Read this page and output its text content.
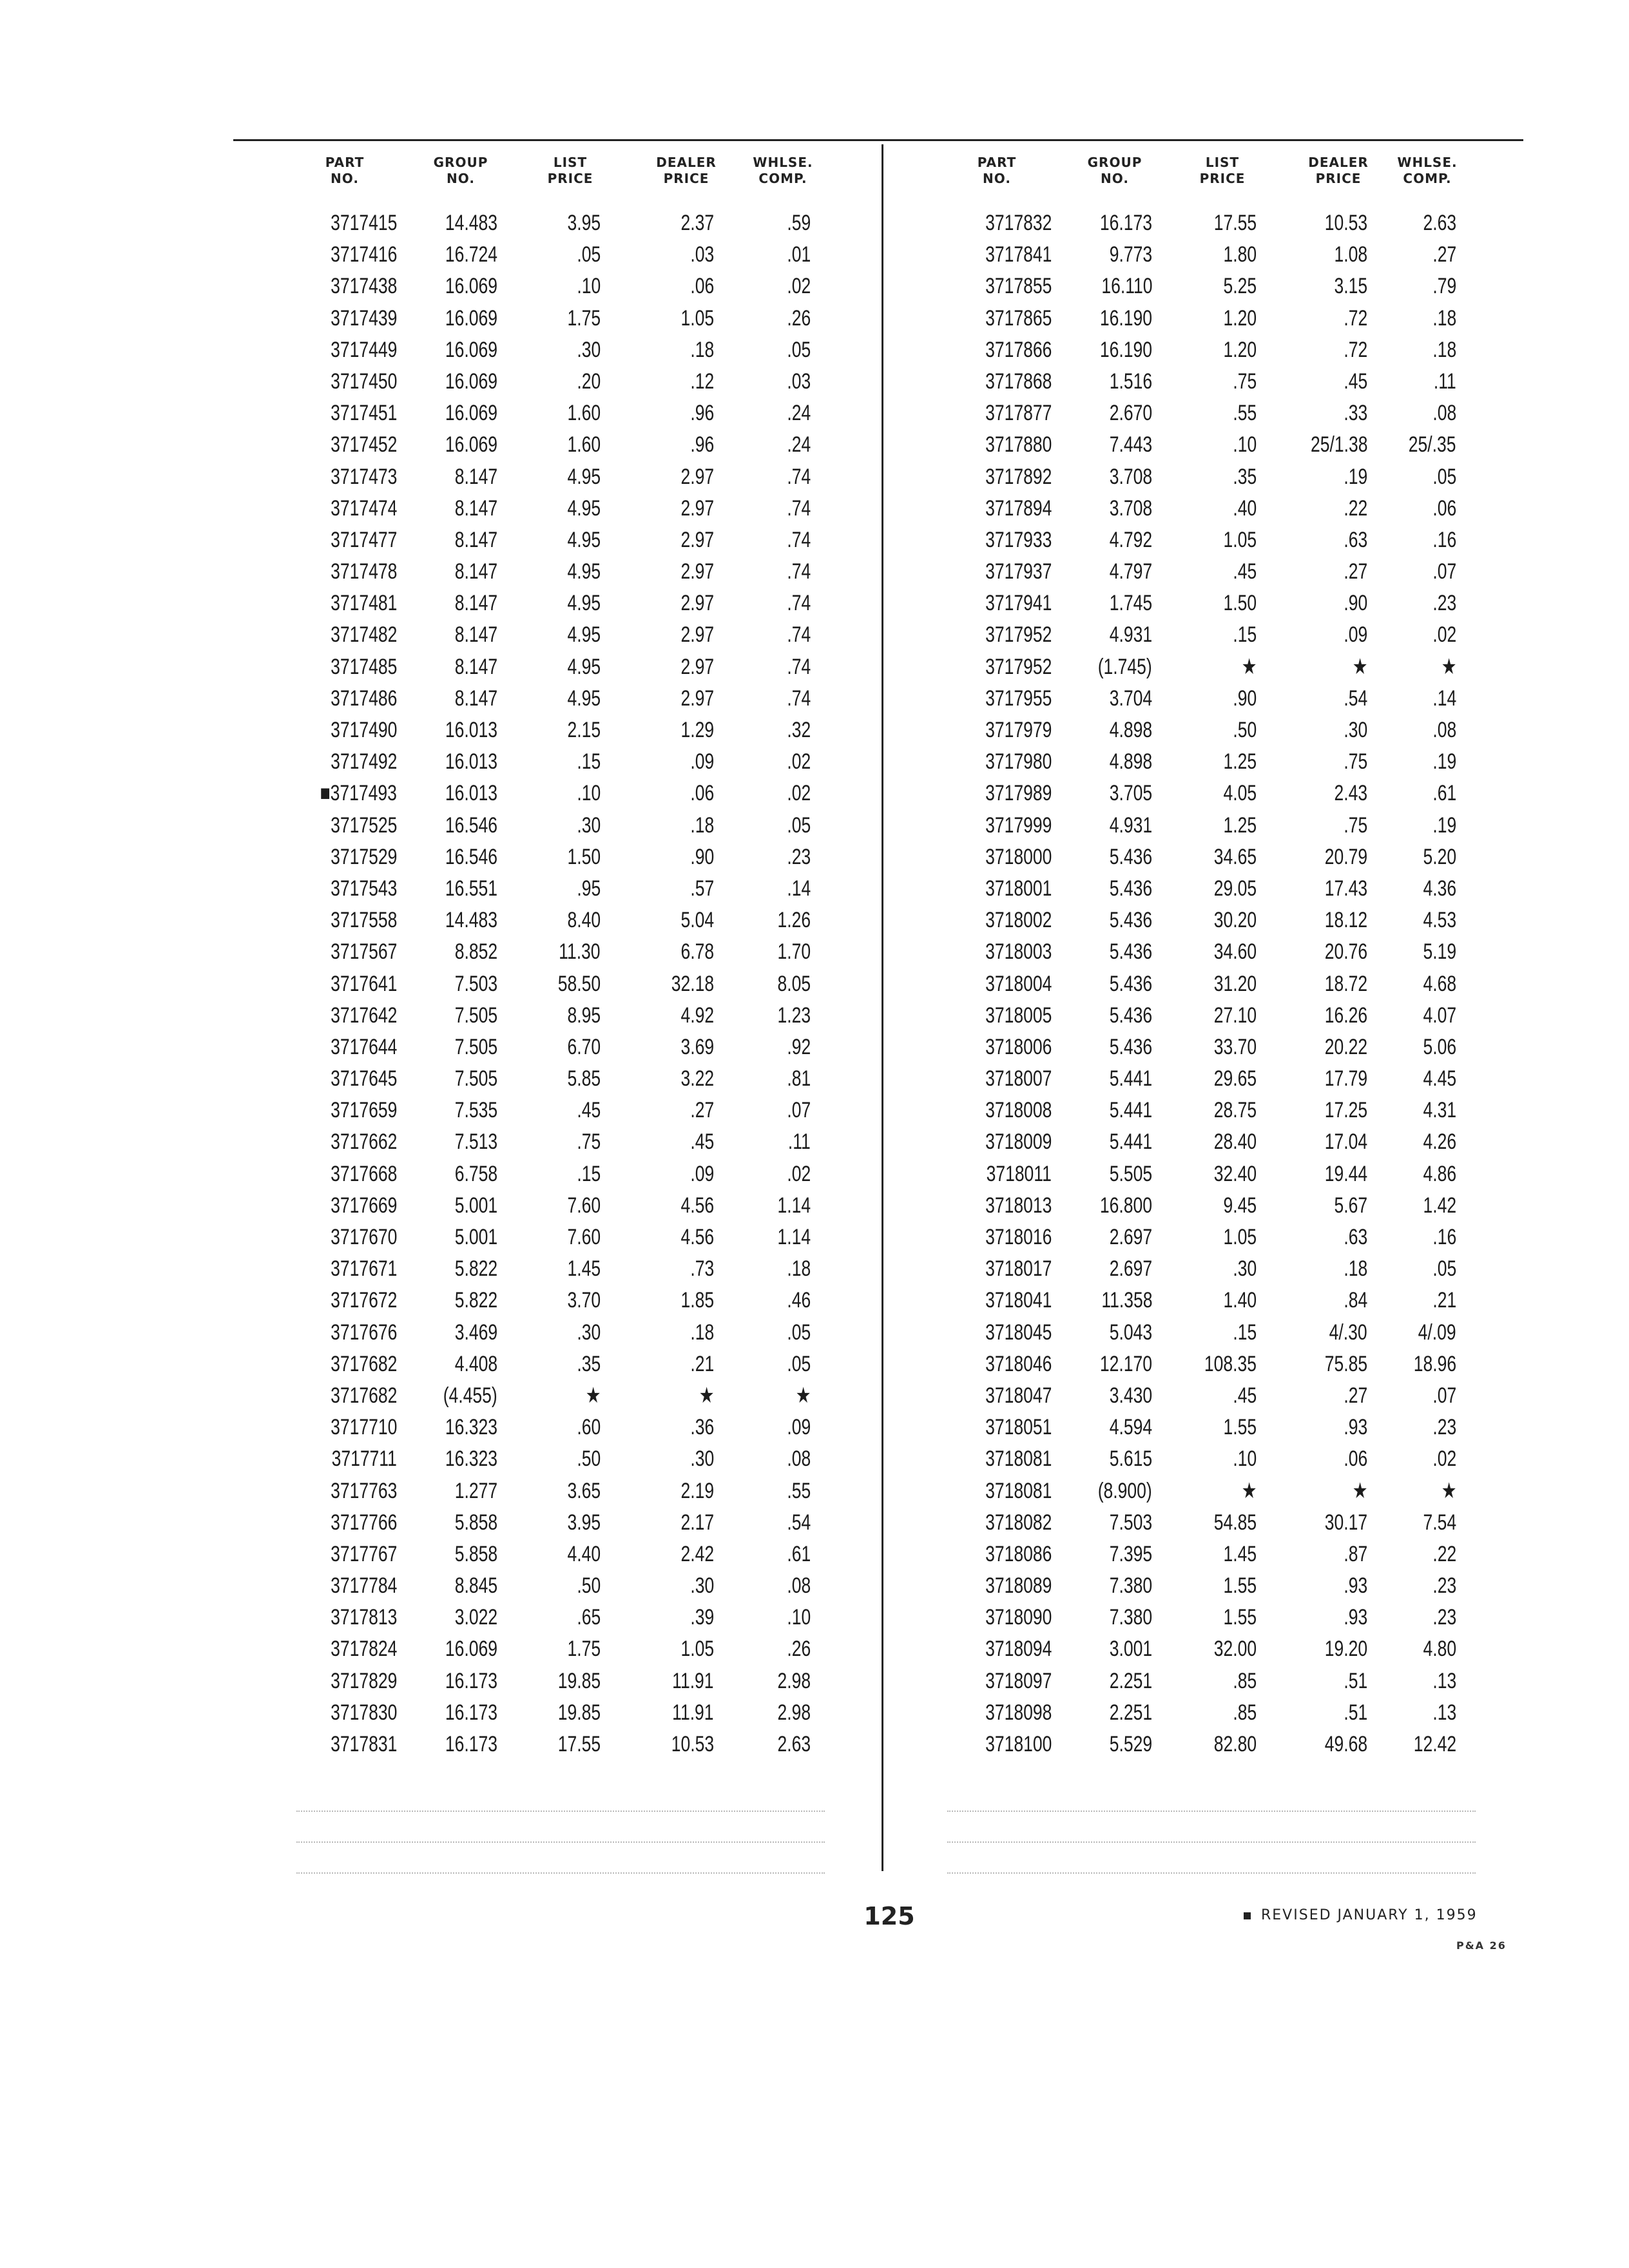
PART
NO.
GROUP
NO.
LIST
PRICE
DEALER
PRICE
WHLSE.
COMP.
3717415 14.483	3.95	2.37	.59
3717416 16.724	.05	.03	.01
3717438 16.069	.10	.06	.02
3717439 16.069	1.75	1.05	.26
3717449 16.069	.30	.18	.05
3717450 16.069	.20	.12	.03
3717451 16.069	1.60	.96	.24
3717452 16.069	1.60	.96	.24
3717473	8.147	4.95	2.97	.74
3717474	8.147	4.95	2.97	.74
3717477	8.147	4.95	2.97	.74
3717478	8.147	4.95	2.97	.74
3717481	8.147	4.95	2.97	.74
3717482	8.147	4.95	2.97	.74
3717485	8.147	4.95	2.97	.74
3717486	8.147	4.95	2.97	.74
3717490 16.013	2.15	1.29	.32
3717492 16.013	.15	.09	.02
■3717493 16.013	.10	.06	.02
3717525 16.546	.30	.18	.05
3717529 16.546	1.50	.90	.23
3717543 16.551	.95	.57	.14
3717558 14.483	8.40	5.04	1.26
3717567	8.852	11.30	6.78	1.70
3717641	7.503	58.50	32.18	8.05
3717642	7.505	8.95	4.92	1.23
3717644	7.505	6.70	3.69	.92
3717645	7.505	5.85	3.22	.81
3717659	7.535	.45	.27	.07
3717662	7.513	.75	.45	.11
3717668	6.758	.15	.09	.02
3717669	5.001	7.60	4.56	1.14
3717670	5.001	7.60	4.56	1.14
3717671	5.822	1.45	.73	.18
3717672	5.822	3.70	1.85	.46
3717676	3.469	.30	.18	.05
3717682	4.408	.35	.21	.05
3717682 (4.455)	★	★	★
3717710 16.323	.60	.36	.09
3717711 16.323	.50	.30	.08
3717763	1.277	3.65	2.19	.55
3717766	5.858	3.95	2.17	.54
3717767	5.858	4.40	2.42	.61
3717784	8.845	.50	.30	.08
3717813	3.022	.65	.39	.10
3717824 16.069	1.75	1.05	.26
3717829 16.173	19.85	11.91	2.98
3717830 16.173	19.85	11.91	2.98
3717831 16.173	17.55	10.53	2.63
PART
NO.
GROUP
NO.
LIST
PRICE
DEALER
PRICE
WHLSE.
COMP.
3717832 16.173	17.55	10.53	2.63
3717841	9.773	1.80	1.08	.27
3717855 16.110	5.25	3.15	.79
3717865 16.190	1.20	.72	.18
3717866 16.190	1.20	.72	.18
3717868	1.516	.75	.45	.11
3717877	2.670	.55	.33	.08
3717880	7.443	.10 25/1.38 25/.35
3717892	3.708	.35	.19	.05
3717894	3.708	.40	.22	.06
3717933	4.792	1.05	.63	.16
3717937	4.797	.45	.27	.07
3717941	1.745	1.50	.90	.23
3717952	4.931	.15	.09	.02
3717952 (1.745)	★	★	★
3717955	3.704	.90	.54	.14
3717979	4.898	.50	.30	.08
3717980	4.898	1.25	.75	.19
3717989	3.705	4.05	2.43	.61
3717999	4.931	1.25	.75	.19
3718000	5.436	34.65	20.79	5.20
3718001	5.436	29.05	17.43	4.36
3718002	5.436	30.20	18.12	4.53
3718003	5.436	34.60	20.76	5.19
3718004	5.436	31.20	18.72	4.68
3718005	5.436	27.10	16.26	4.07
3718006	5.436	33.70	20.22	5.06
3718007	5.441	29.65	17.79	4.45
3718008	5.441	28.75	17.25	4.31
3718009	5.441	28.40	17.04	4.26
3718011	5.505	32.40	19.44	4.86
3718013 16.800	9.45	5.67	1.42
3718016	2.697	1.05	.63	.16
3718017	2.697	.30	.18	.05
3718041 11.358	1.40	.84	.21
3718045	5.043	.15	4/.30 4/.09
3718046 12.170 108.35	75.85 18.96
3718047	3.430	.45	.27	.07
3718051	4.594	1.55	.93	.23
3718081	5.615	.10	.06	.02
3718081 (8.900)	★	★	★
3718082	7.503	54.85	30.17	7.54
3718086	7.395	1.45	.87	.22
3718089	7.380	1.55	.93	.23
3718090	7.380	1.55	.93	.23
3718094	3.001	32.00	19.20	4.80
3718097	2.251	.85	.51	.13
3718098	2.251	.85	.51	.13
3718100	5.529	82.80	49.68 12.42
125	REVISED JANUARY 1, 1959
P&A 26
